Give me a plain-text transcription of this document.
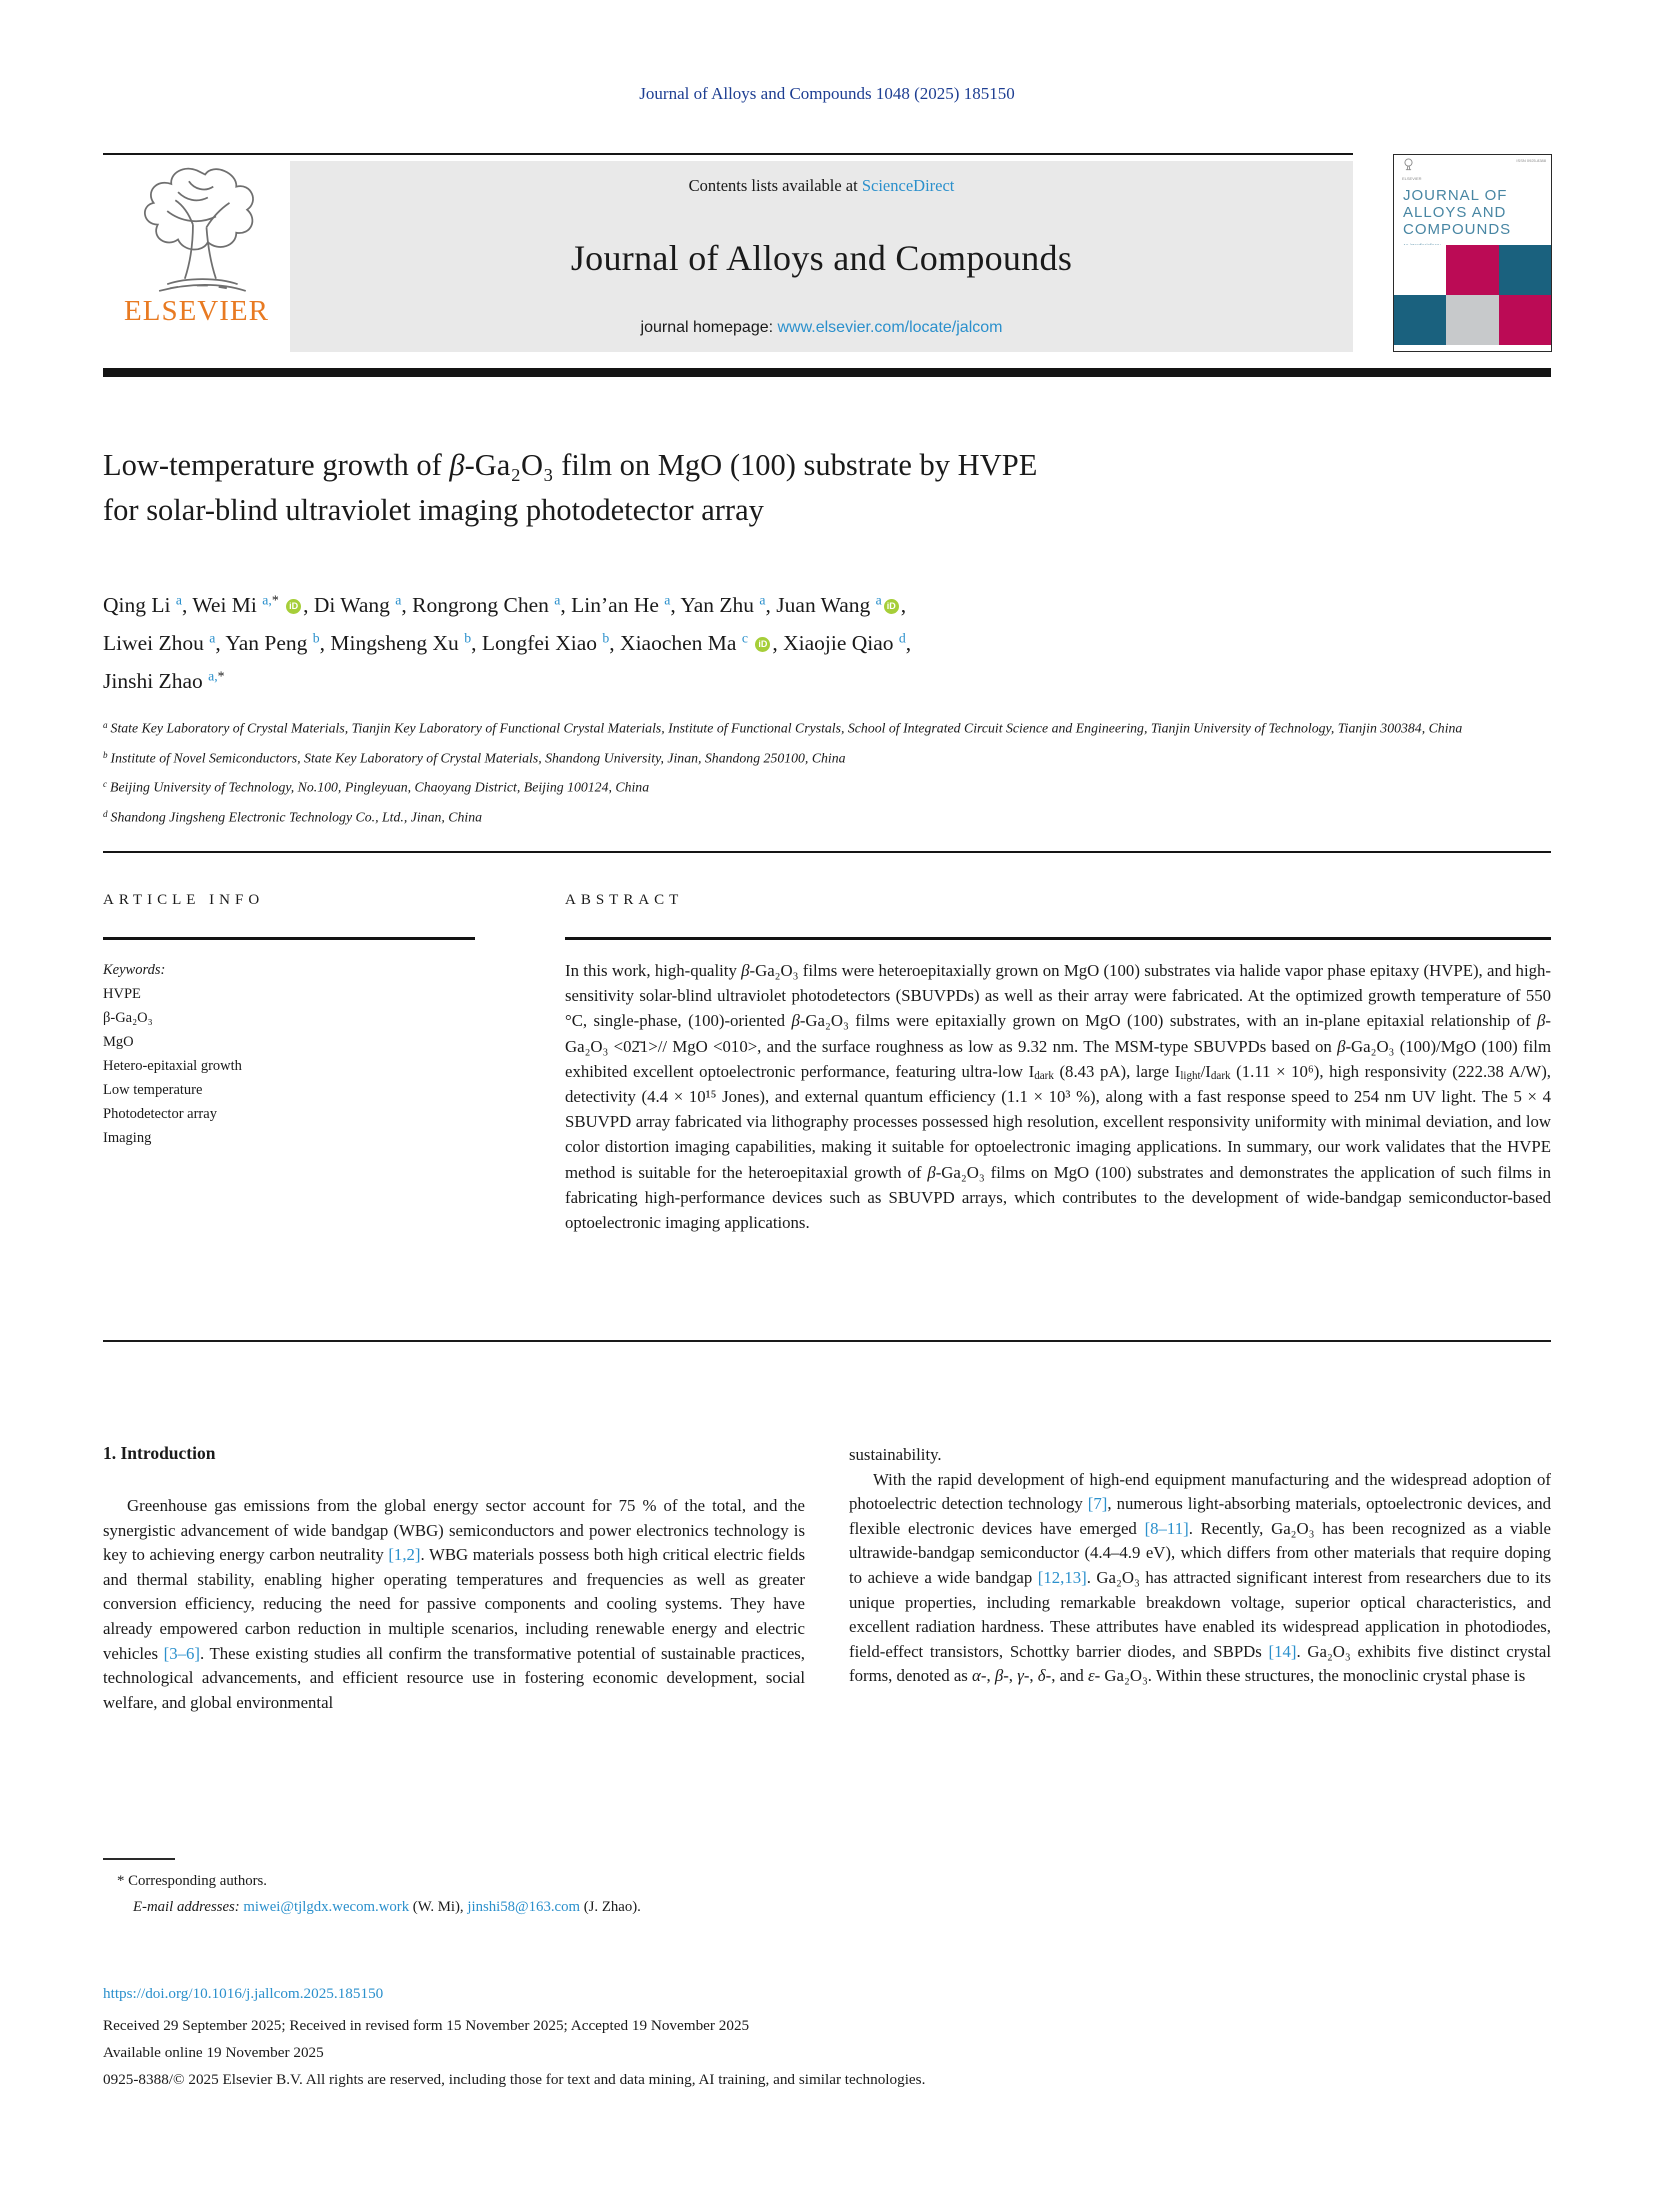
Journal of Alloys and Compounds 1048 (2025) 185150
ELSEVIER
Contents lists available at ScienceDirect
Journal of Alloys and Compounds
journal homepage: www.elsevier.com/locate/jalcom
ELSEVIER
ISSN 0925-8388
JOURNAL OF
ALLOYS AND
COMPOUNDS
Low-temperature growth of β-Ga₂O₃ film on MgO (100) substrate by HVPE
for solar-blind ultraviolet imaging photodetector array
Qing Li $^a$, Wei Mi $^{a,*}$ iD , Di Wang $^a$, Rongrong Chen $^a$, Lin’an He $^a$, Yan Zhu $^a$, Juan Wang $^a$ iD ,
Liwei Zhou $^a$, Yan Peng $^b$, Mingsheng Xu $^b$, Longfei Xiao $^b$, Xiaochen Ma $^c$ iD , Xiaojie Qiao $^d$,
Jinshi Zhao $^{a,*}$
$^a$ State Key Laboratory of Crystal Materials, Tianjin Key Laboratory of Functional Crystal Materials, Institute of Functional Crystals, School of Integrated Circuit Science and Engineering, Tianjin University of Technology, Tianjin 300384, China
$^b$ Institute of Novel Semiconductors, State Key Laboratory of Crystal Materials, Shandong University, Jinan, Shandong 250100, China
$^c$ Beijing University of Technology, No.100, Pingleyuan, Chaoyang District, Beijing 100124, China
$^d$ Shandong Jingsheng Electronic Technology Co., Ltd., Jinan, China
ARTICLE INFO
Keywords:
HVPE
β-Ga₂O₃
MgO
Hetero-epitaxial growth
Low temperature
Photodetector array
Imaging
ABSTRACT

In this work, high-quality β-Ga₂O₃ films were heteroepitaxially grown on MgO (100) substrates via halide vapor phase epitaxy (HVPE), and high-sensitivity solar-blind ultraviolet photodetectors (SBUVPDs) as well as their array were fabricated. At the optimized growth temperature of 550 °C, single-phase, (100)-oriented β-Ga₂O₃ films were epitaxially grown on MgO (100) substrates, with an in-plane epitaxial relationship of β-Ga₂O₃ <02̄1>// MgO <010>, and the surface roughness as low as 9.32 nm. The MSM-type SBUVPDs based on β-Ga₂O₃ (100)/MgO (100) film exhibited excellent optoelectronic performance, featuring ultra-low Idark (8.43 pA), large Ilight/Idark (1.11 × 10⁶), high responsivity (222.38 A/W), detectivity (4.4 × 10¹⁵ Jones), and external quantum efficiency (1.1 × 10³ %), along with a fast response speed to 254 nm UV light. The 5 × 4 SBUVPD array fabricated via lithography processes possessed high resolution, excellent responsivity uniformity with minimal deviation, and low color distortion imaging capabilities, making it suitable for optoelectronic imaging applications. In summary, our work validates that the HVPE method is suitable for the heteroepitaxial growth of β-Ga₂O₃ films on MgO (100) substrates and demonstrates the application of such films in fabricating high-performance devices such as SBUVPD arrays, which contributes to the development of wide-bandgap semiconductor-based optoelectronic imaging applications.

1. Introduction

Greenhouse gas emissions from the global energy sector account for 75 % of the total, and the synergistic advancement of wide bandgap (WBG) semiconductors and power electronics technology is key to achieving energy carbon neutrality [1,2]. WBG materials possess both high critical electric fields and thermal stability, enabling higher operating temperatures and frequencies as well as greater conversion efficiency, reducing the need for passive components and cooling systems. They have already empowered carbon reduction in multiple scenarios, including renewable energy and electric vehicles [3–6]. These existing studies all confirm the transformative potential of sustainable practices, technological advancements, and efficient resource use in fostering economic development, social welfare, and global environmental

sustainability.

With the rapid development of high-end equipment manufacturing and the widespread adoption of photoelectric detection technology [7], numerous light-absorbing materials, optoelectronic devices, and flexible electronic devices have emerged [8–11]. Recently, Ga₂O₃ has been recognized as a viable ultrawide-bandgap semiconductor (4.4–4.9 eV), which differs from other materials that require doping to achieve a wide bandgap [12,13]. Ga₂O₃ has attracted significant interest from researchers due to its unique properties, including remarkable breakdown voltage, superior optical characteristics, and excellent radiation hardness. These attributes have enabled its widespread application in photodiodes, field-effect transistors, Schottky barrier diodes, and SBPDs [14]. Ga₂O₃ exhibits five distinct crystal forms, denoted as α-, β-, γ-, δ-, and ε- Ga₂O₃. Within these structures, the monoclinic crystal phase is

* Corresponding authors.
E-mail addresses: miwei@tjlgdx.wecom.work (W. Mi), jinshi58@163.com (J. Zhao).
https://doi.org/10.1016/j.jallcom.2025.185150
Received 29 September 2025; Received in revised form 15 November 2025; Accepted 19 November 2025
Available online 19 November 2025
0925-8388/© 2025 Elsevier B.V. All rights are reserved, including those for text and data mining, AI training, and similar technologies.
